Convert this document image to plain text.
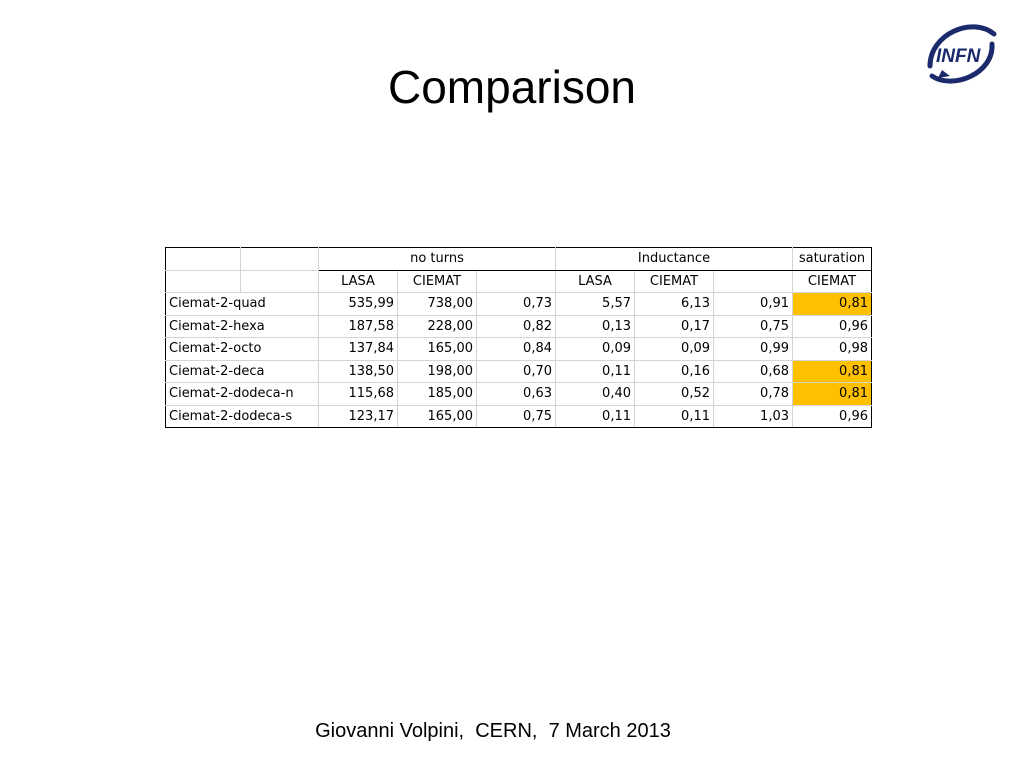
Comparison
INFN
		no turns			Inductance			saturation
		LASA	CIEMAT		LASA	CIEMAT		CIEMAT
Ciemat-2-quad		535,99	738,00	0,73	5,57	6,13	0,91	0,81
Ciemat-2-hexa		187,58	228,00	0,82	0,13	0,17	0,75	0,96
Ciemat-2-octo		137,84	165,00	0,84	0,09	0,09	0,99	0,98
Ciemat-2-deca		138,50	198,00	0,70	0,11	0,16	0,68	0,81
Ciemat-2-dodeca-n		115,68	185,00	0,63	0,40	0,52	0,78	0,81
Ciemat-2-dodeca-s		123,17	165,00	0,75	0,11	0,11	1,03	0,96
Giovanni Volpini,  CERN,  7 March 2013
